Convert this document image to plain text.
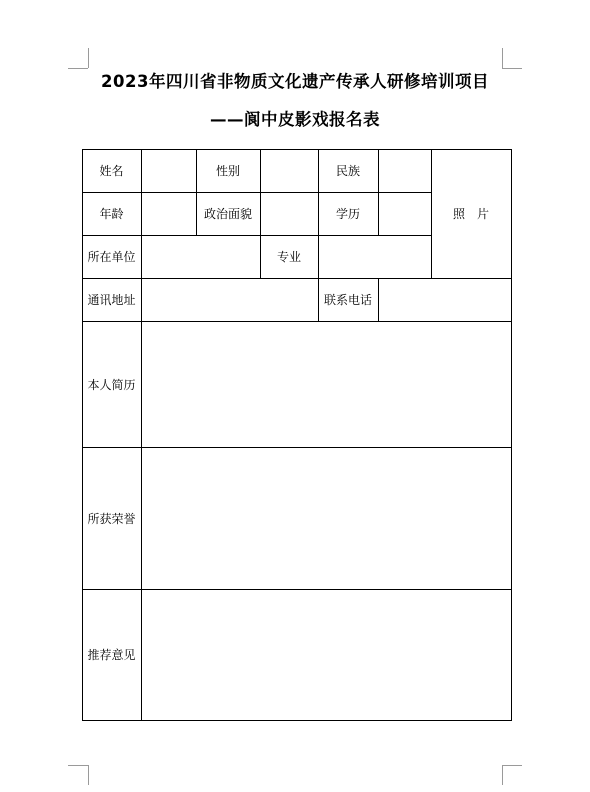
2023年四川省非物质文化遗产传承人研修培训项目
——阆中皮影戏报名表
姓名	性别	民族
年龄	政治面貌	学历	照　片
所在单位	专业
通讯地址	联系电话
本人简历
所获荣誉
推荐意见
